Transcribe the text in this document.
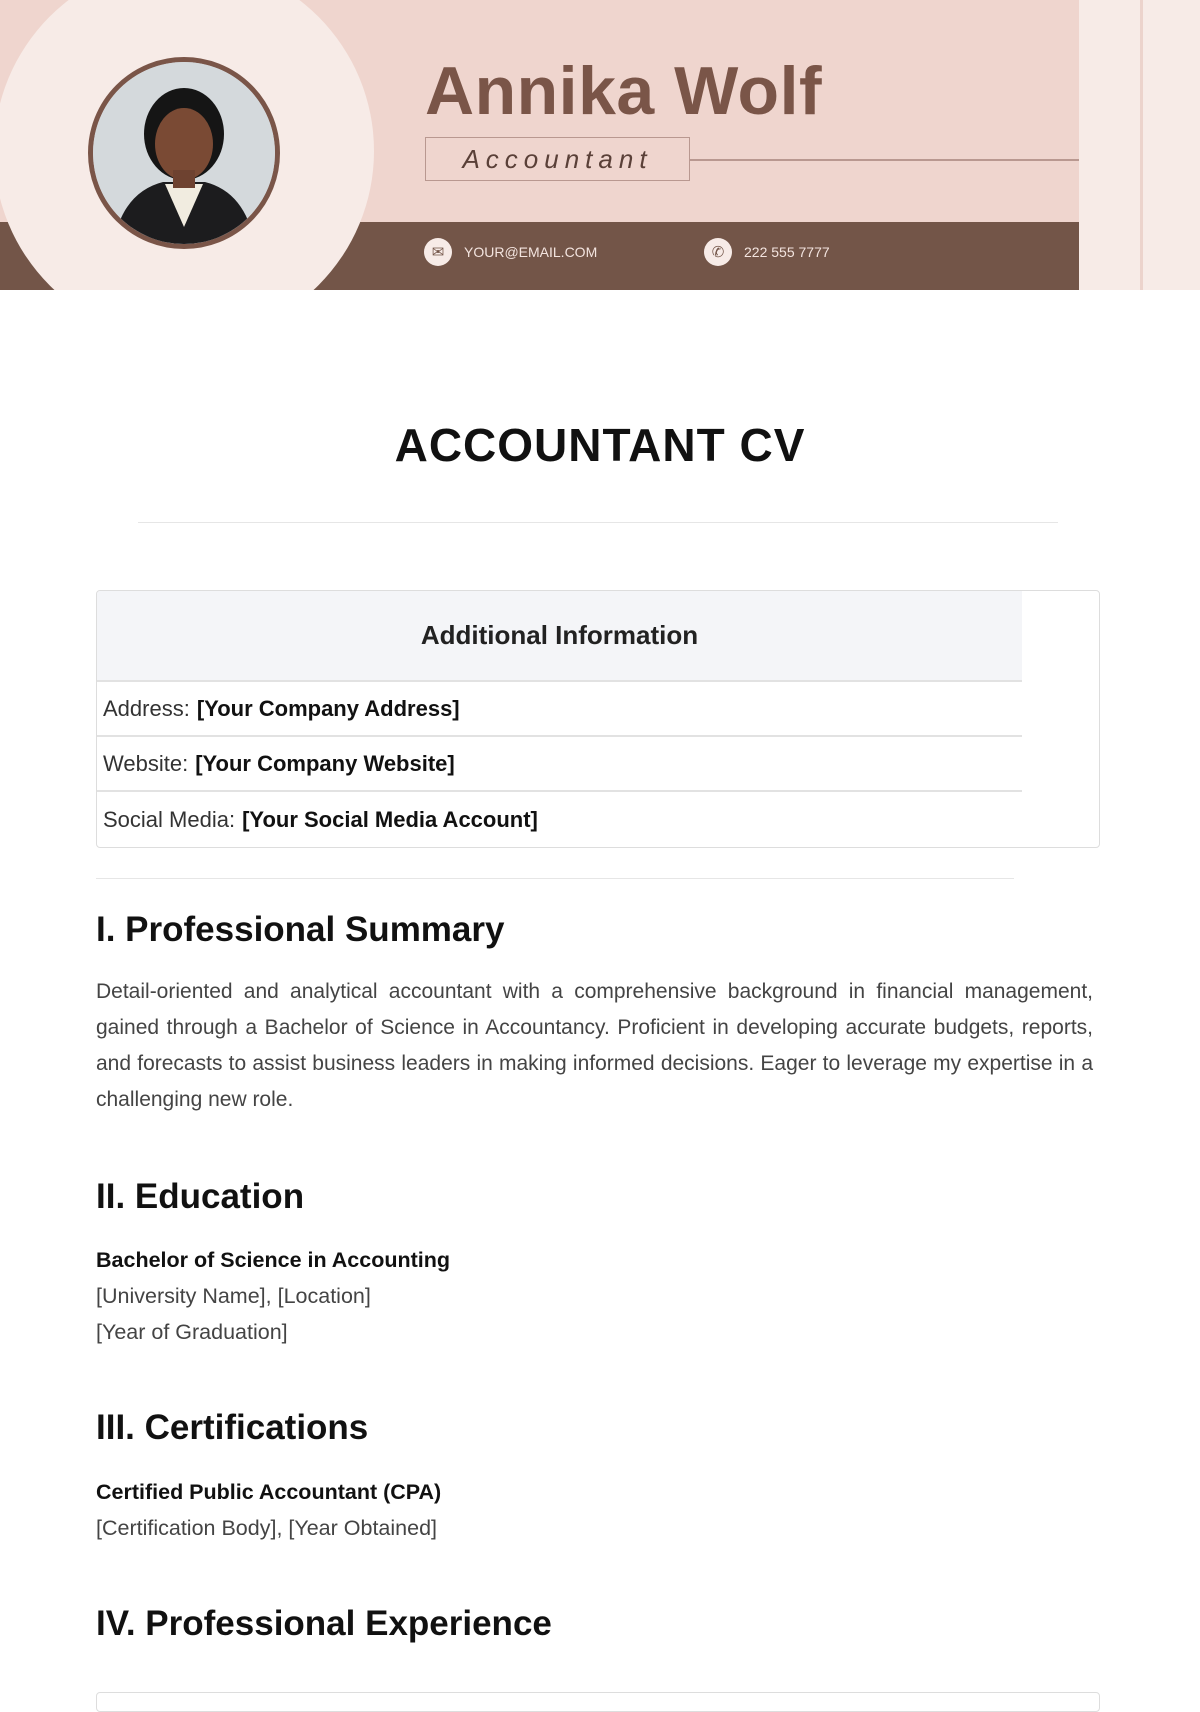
Annika Wolf
Accountant
✉	YOUR@EMAIL.COM	✆	222 555 7777
ACCOUNTANT CV
Additional Information
Address: [Your Company Address]
Website: [Your Company Website]
Social Media: [Your Social Media Account]
I. Professional Summary
Detail-oriented and analytical accountant with a comprehensive background in financial management, gained through a Bachelor of Science in Accountancy. Proficient in developing accurate budgets, reports, and forecasts to assist business leaders in making informed decisions. Eager to leverage my expertise in a challenging new role.
II. Education
Bachelor of Science in Accounting
[University Name], [Location]
[Year of Graduation]
III. Certifications
Certified Public Accountant (CPA)
[Certification Body], [Year Obtained]
IV. Professional Experience
